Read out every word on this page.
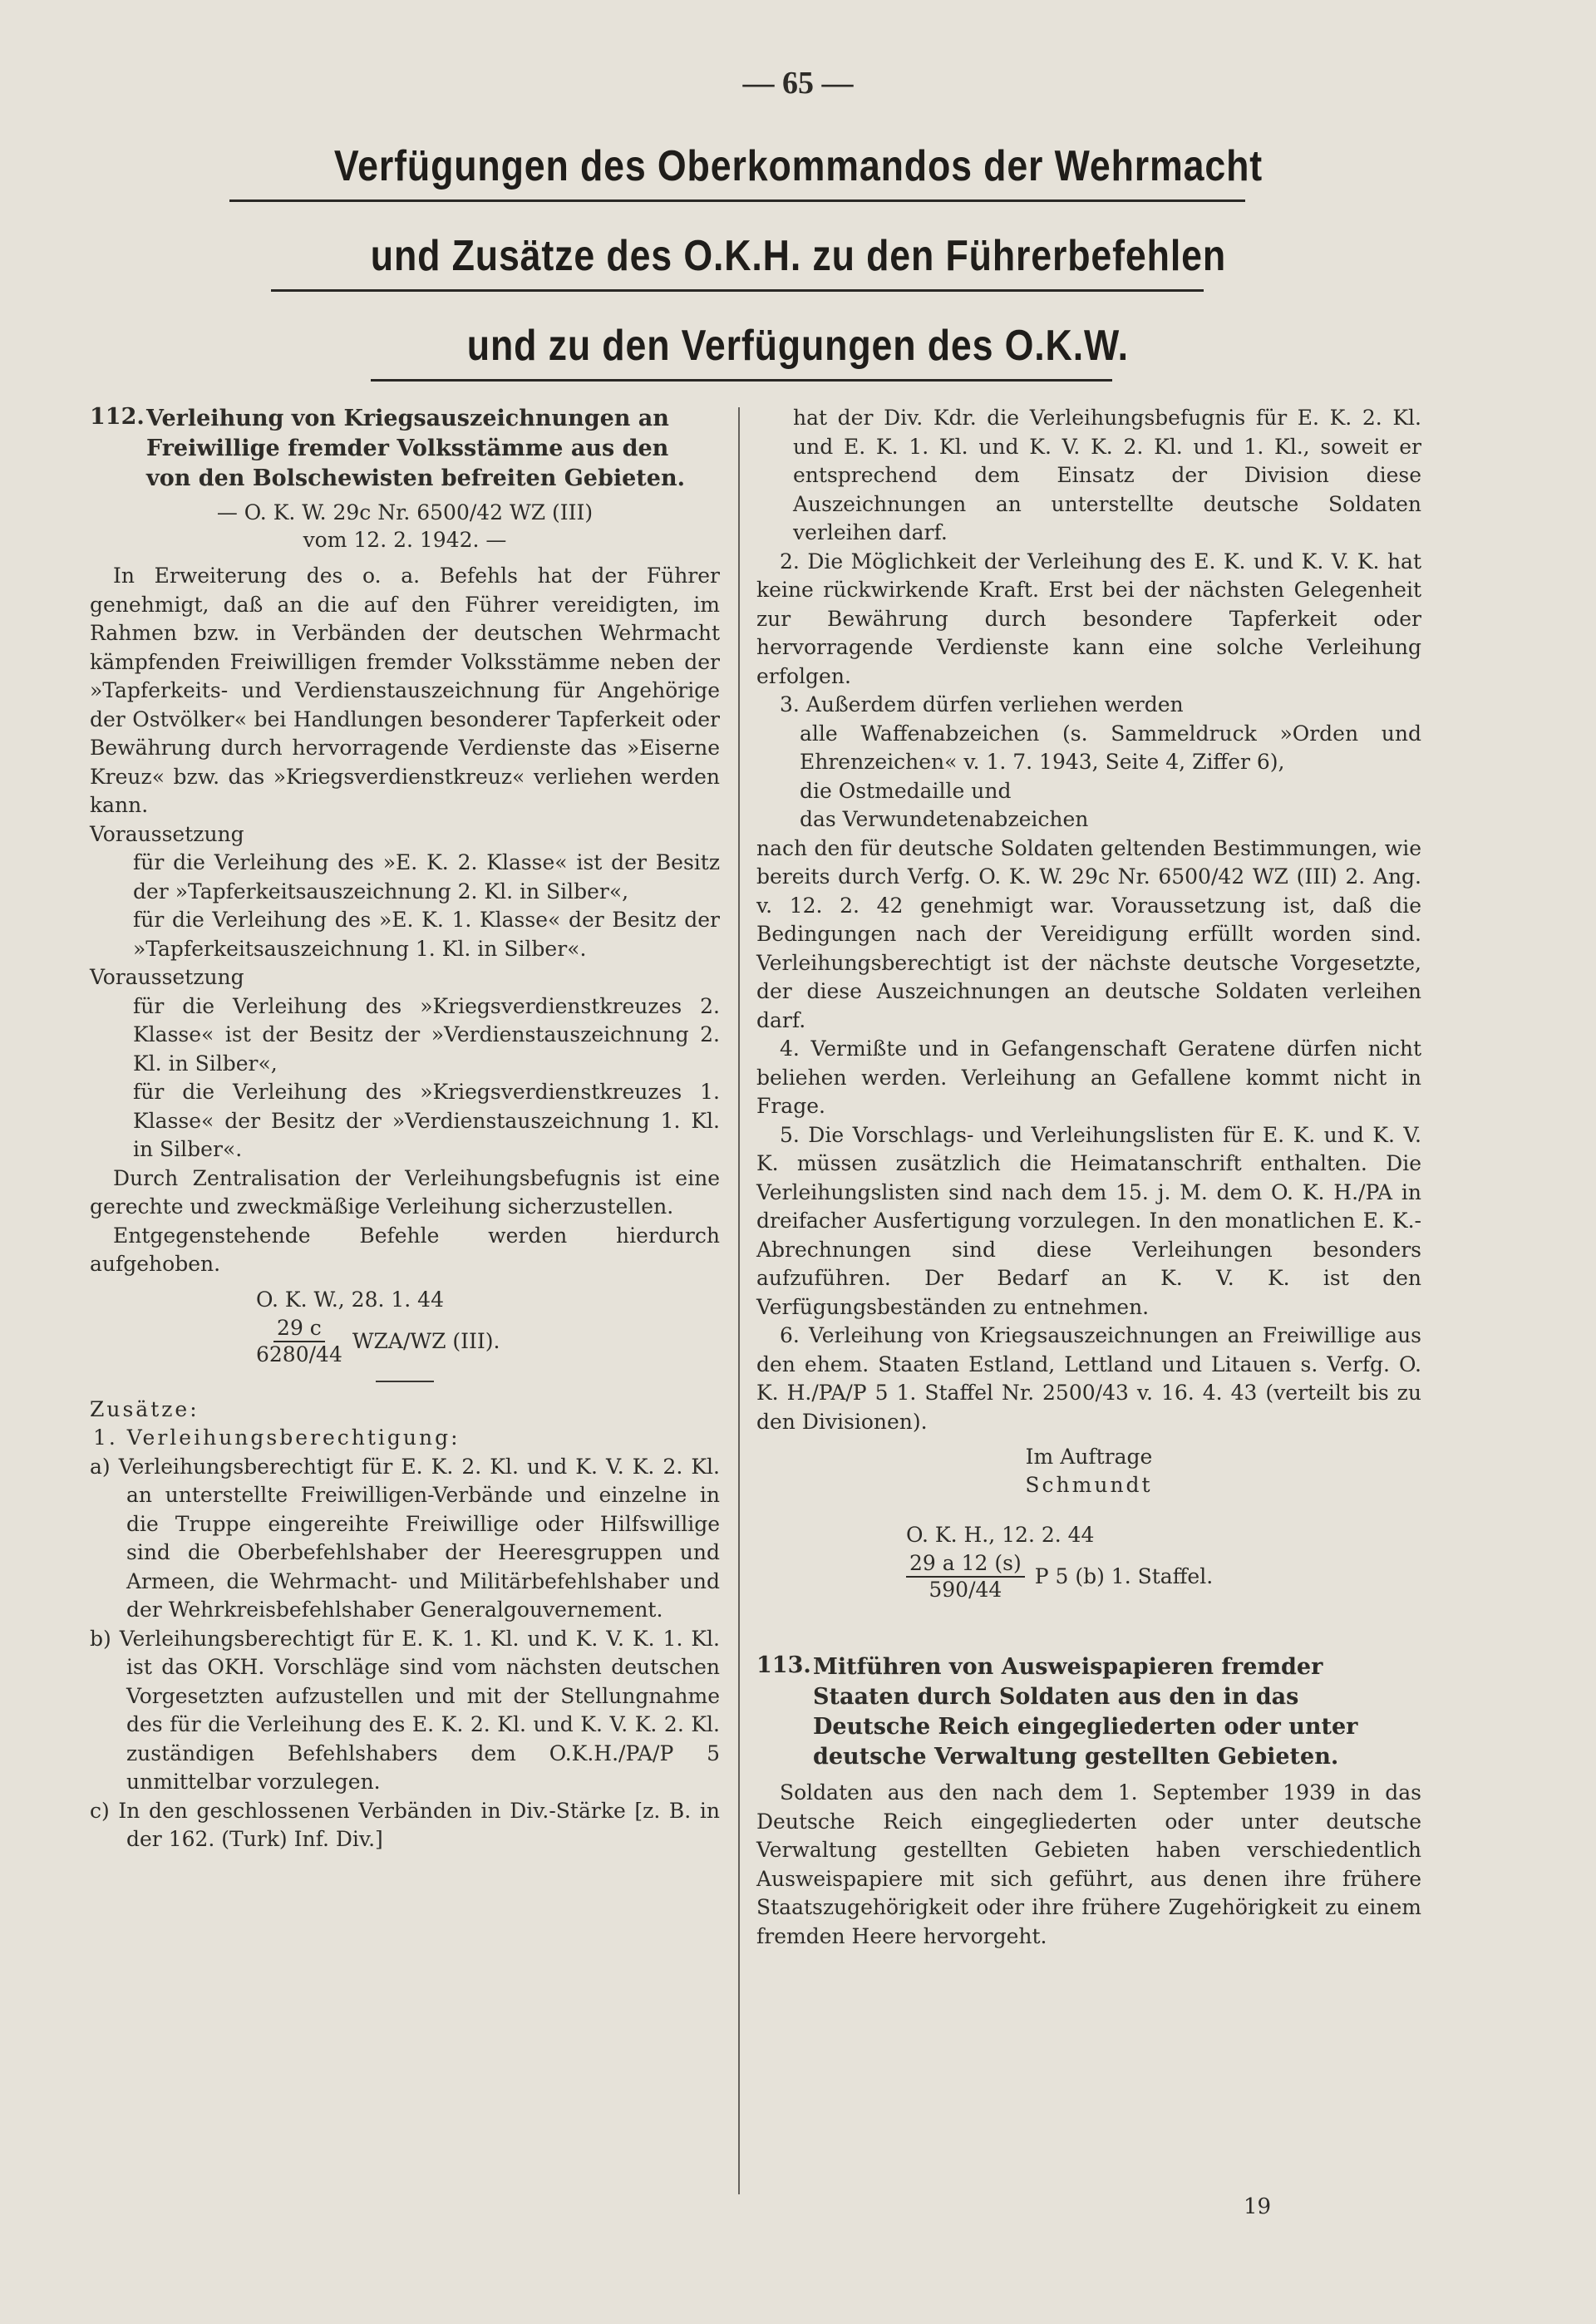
— 65 —
Verfügungen des Oberkommandos der Wehrmacht
und Zusätze des O.K.H. zu den Führerbefehlen
und zu den Verfügungen des O.K.W.
112. Verleihung von Kriegsauszeichnungen an Freiwillige fremder Volksstämme aus den von den Bolschewisten befreiten Gebieten.

— O. K. W. 29c Nr. 6500/42 WZ (III)
vom 12. 2. 1942. —

In Erweiterung des o. a. Befehls hat der Führer genehmigt, daß an die auf den Führer vereidigten, im Rahmen bzw. in Verbänden der deutschen Wehrmacht kämpfenden Freiwilligen fremder Volksstämme neben der »Tapferkeits- und Verdienstauszeichnung für Angehörige der Ostvölker« bei Handlungen besonderer Tapferkeit oder Bewährung durch hervorragende Verdienste das »Eiserne Kreuz« bzw. das »Kriegsverdienstkreuz« verliehen werden kann.

Voraussetzung

für die Verleihung des »E. K. 2. Klasse« ist der Besitz der »Tapferkeitsauszeichnung 2. Kl. in Silber«,

für die Verleihung des »E. K. 1. Klasse« der Besitz der »Tapferkeitsauszeichnung 1. Kl. in Silber«.

Voraussetzung

für die Verleihung des »Kriegsverdienstkreuzes 2. Klasse« ist der Besitz der »Verdienstauszeichnung 2. Kl. in Silber«,

für die Verleihung des »Kriegsverdienstkreuzes 1. Klasse« der Besitz der »Verdienstauszeichnung 1. Kl. in Silber«.

Durch Zentralisation der Verleihungsbefugnis ist eine gerechte und zweckmäßige Verleihung sicherzustellen.

Entgegenstehende Befehle werden hierdurch aufgehoben.

O. K. W., 28. 1. 44
$\frac{29 c}{6280/44} WZA/WZ$ (III).

Zusätze:

1. Verleihungsberechtigung:

a) Verleihungsberechtigt für E. K. 2. Kl. und K. V. K. 2. Kl. an unterstellte Freiwilligen-Verbände und einzelne in die Truppe eingereihte Freiwillige oder Hilfswillige sind die Oberbefehlshaber der Heeresgruppen und Armeen, die Wehrmacht- und Militärbefehlshaber und der Wehrkreisbefehlshaber Generalgouvernement.

b) Verleihungsberechtigt für E. K. 1. Kl. und K. V. K. 1. Kl. ist das OKH. Vorschläge sind vom nächsten deutschen Vorgesetzten aufzustellen und mit der Stellungnahme des für die Verleihung des E. K. 2. Kl. und K. V. K. 2. Kl. zuständigen Befehlshabers dem O.K.H./PA/P 5 unmittelbar vorzulegen.

c) In den geschlossenen Verbänden in Div.-Stärke [z. B. in der 162. (Turk) Inf. Div.]

hat der Div. Kdr. die Verleihungsbefugnis für E. K. 2. Kl. und E. K. 1. Kl. und K. V. K. 2. Kl. und 1. Kl., soweit er entsprechend dem Einsatz der Division diese Auszeichnungen an unterstellte deutsche Soldaten verleihen darf.

2. Die Möglichkeit der Verleihung des E. K. und K. V. K. hat keine rückwirkende Kraft. Erst bei der nächsten Gelegenheit zur Bewährung durch besondere Tapferkeit oder hervorragende Verdienste kann eine solche Verleihung erfolgen.

3. Außerdem dürfen verliehen werden

alle Waffenabzeichen (s. Sammeldruck »Orden und Ehrenzeichen« v. 1. 7. 1943, Seite 4, Ziffer 6),

die Ostmedaille und

das Verwundetenabzeichen

nach den für deutsche Soldaten geltenden Bestimmungen, wie bereits durch Verfg. O. K. W. 29c Nr. 6500/42 WZ (III) 2. Ang. v. 12. 2. 42 genehmigt war. Voraussetzung ist, daß die Bedingungen nach der Vereidigung erfüllt worden sind. Verleihungsberechtigt ist der nächste deutsche Vorgesetzte, der diese Auszeichnungen an deutsche Soldaten verleihen darf.

4. Vermißte und in Gefangenschaft Geratene dürfen nicht beliehen werden. Verleihung an Gefallene kommt nicht in Frage.

5. Die Vorschlags- und Verleihungslisten für E. K. und K. V. K. müssen zusätzlich die Heimatanschrift enthalten. Die Verleihungslisten sind nach dem 15. j. M. dem O. K. H./PA in dreifacher Ausfertigung vorzulegen. In den monatlichen E. K.-Abrechnungen sind diese Verleihungen besonders aufzuführen. Der Bedarf an K. V. K. ist den Verfügungsbeständen zu entnehmen.

6. Verleihung von Kriegsauszeichnungen an Freiwillige aus den ehem. Staaten Estland, Lettland und Litauen s. Verfg. O. K. H./PA/P 5 1. Staffel Nr. 2500/43 v. 16. 4. 43 (verteilt bis zu den Divisionen).

Im Auftrage
Schmundt
O. K. H., 12. 2. 44
$\frac{29 a 12 (s)}{590/44}$ P 5 (b) 1. Staffel.
113. Mitführen von Ausweispapieren fremder Staaten durch Soldaten aus den in das Deutsche Reich eingegliederten oder unter deutsche Verwaltung gestellten Gebieten.

Soldaten aus den nach dem 1. September 1939 in das Deutsche Reich eingegliederten oder unter deutsche Verwaltung gestellten Gebieten haben verschiedentlich Ausweispapiere mit sich geführt, aus denen ihre frühere Staatszugehörigkeit oder ihre frühere Zugehörigkeit zu einem fremden Heere hervorgeht.

19
